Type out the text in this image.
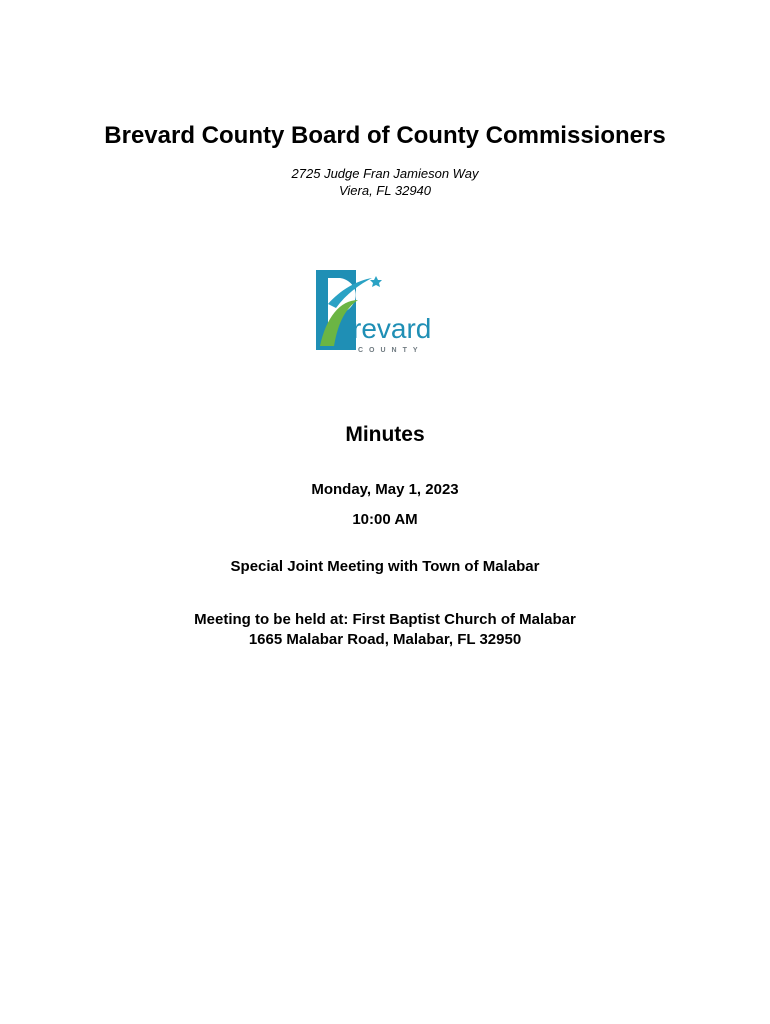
Brevard County Board of County Commissioners
2725 Judge Fran Jamieson Way
Viera, FL 32940
revard
COUNTY
Minutes
Monday, May 1, 2023
10:00 AM
Special Joint Meeting with Town of Malabar
Meeting to be held at: First Baptist Church of Malabar
1665 Malabar Road, Malabar, FL 32950
